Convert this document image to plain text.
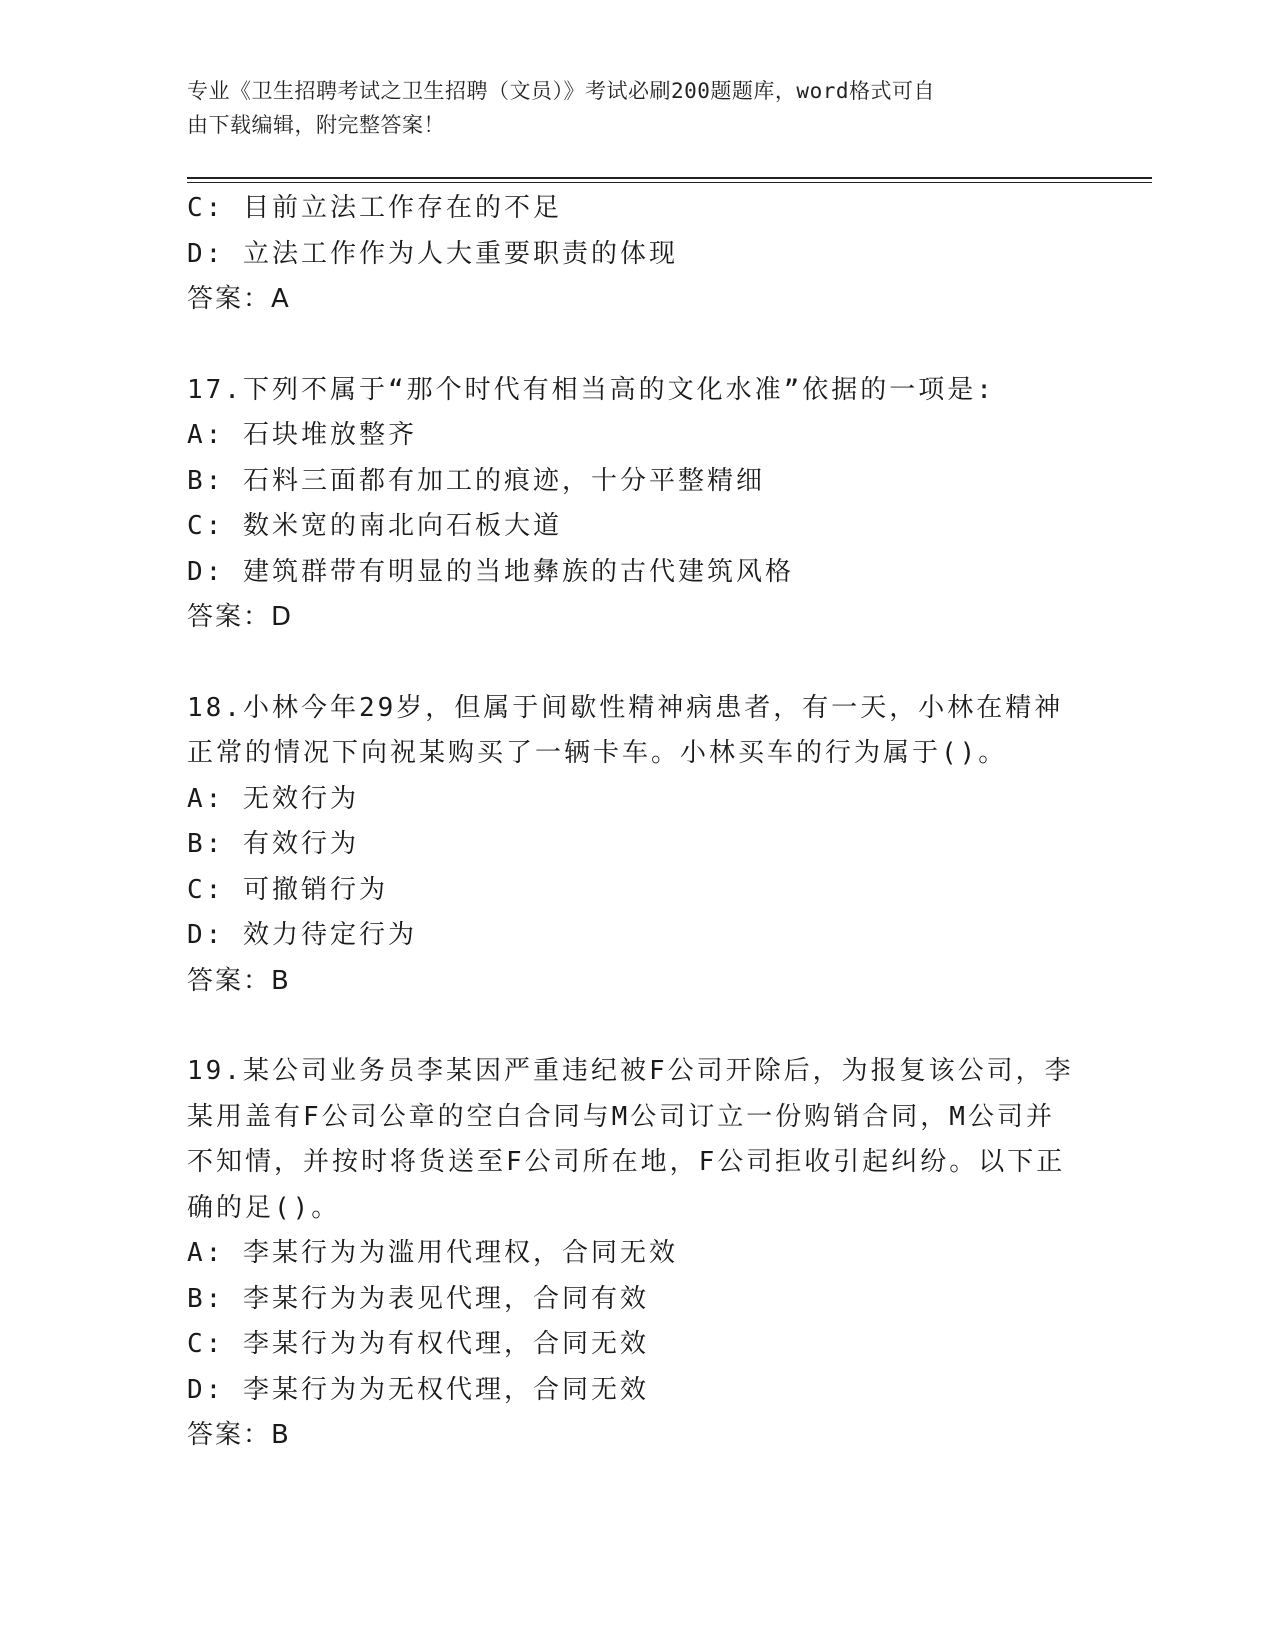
专业《卫生招聘考试之卫生招聘（文员）》考试必刷200题题库，word格式可自
由下载编辑，附完整答案！
C: 目前立法工作存在的不足
D: 立法工作作为人大重要职责的体现
答案：A
17.下列不属于“那个时代有相当高的文化水准”依据的一项是:
A: 石块堆放整齐
B: 石料三面都有加工的痕迹，十分平整精细
C: 数米宽的南北向石板大道
D: 建筑群带有明显的当地彝族的古代建筑风格
答案：D
18.小林今年29岁，但属于间歇性精神病患者，有一天，小林在精神
正常的情况下向祝某购买了一辆卡车。小林买车的行为属于()。
A: 无效行为
B: 有效行为
C: 可撤销行为
D: 效力待定行为
答案：B
19.某公司业务员李某因严重违纪被F公司开除后，为报复该公司，李
某用盖有F公司公章的空白合同与M公司订立一份购销合同，M公司并
不知情，并按时将货送至F公司所在地，F公司拒收引起纠纷。以下正
确的足()。
A: 李某行为为滥用代理权，合同无效
B: 李某行为为表见代理，合同有效
C: 李某行为为有权代理，合同无效
D: 李某行为为无权代理，合同无效
答案：B
